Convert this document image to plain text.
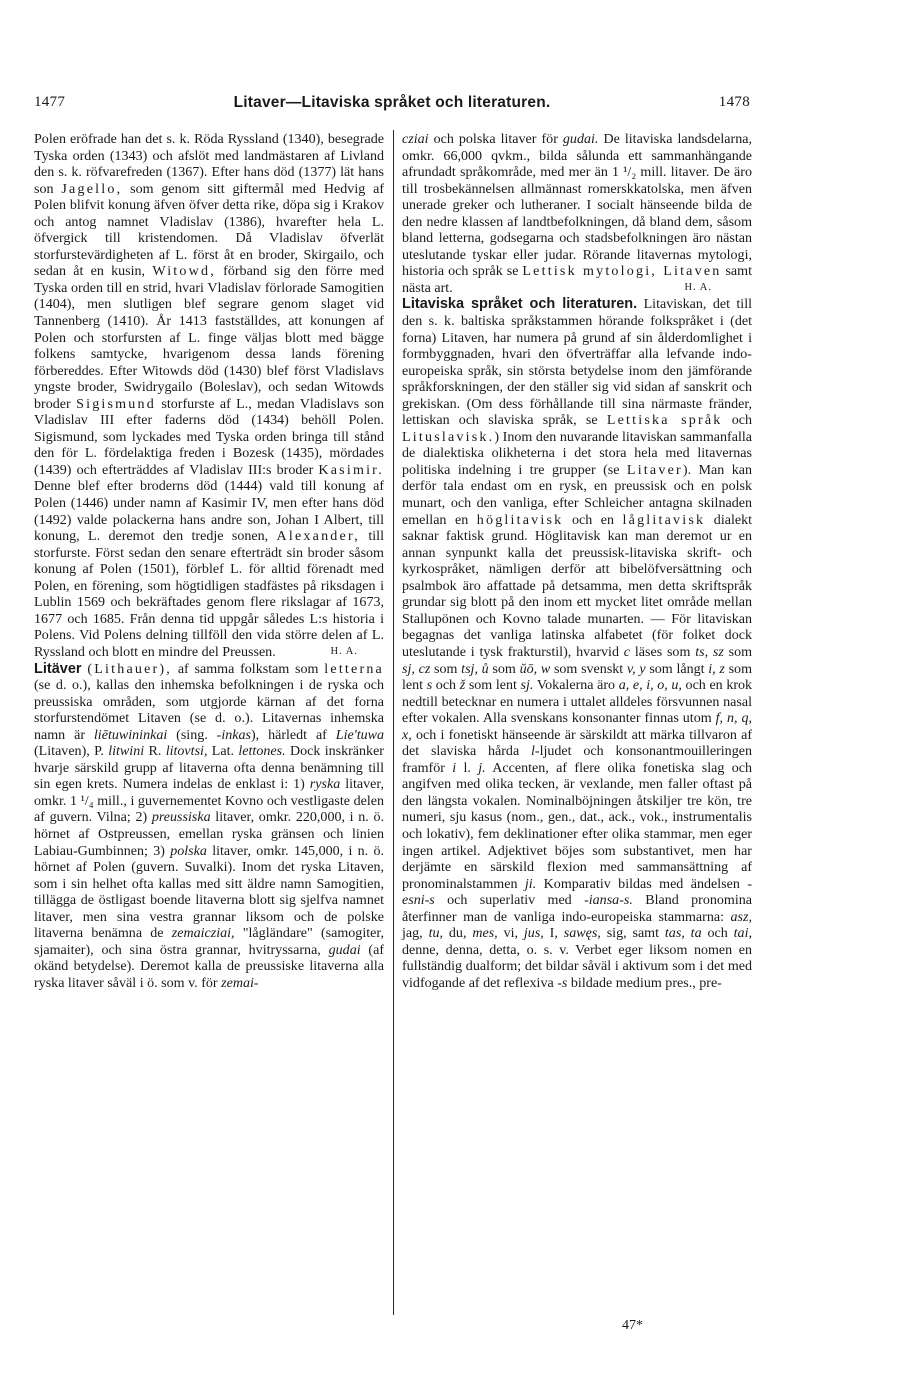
1477	Litaver—Litaviska språket och literaturen.	1478

Polen eröfrade han det s. k. Röda Ryssland (1340), besegrade Tyska orden (1343) och afslöt med landmästaren af Livland den s. k. röfvarefreden (1367). Efter hans död (1377) lät hans son Jagello, som genom sitt giftermål med Hedvig af Polen blifvit konung äfven öfver detta rike, döpa sig i Krakov och antog namnet Vladislav (1386), hvarefter hela L. öfvergick till kristendomen. Då Vladislav öfverlät storfurstevärdigheten af L. först åt en broder, Skirgailo, och sedan åt en kusin, Witowd, förband sig den förre med Tyska orden till en strid, hvari Vladislav förlorade Samogitien (1404), men slutligen blef segrare genom slaget vid Tannenberg (1410). År 1413 fastställdes, att konungen af Polen och storfursten af L. finge väljas blott med bägge folkens samtycke, hvarigenom dessa lands förening förbereddes. Efter Witowds död (1430) blef först Vladislavs yngste broder, Swidrygailo (Boleslav), och sedan Witowds broder Sigismund storfurste af L., medan Vladislavs son Vladislav III efter faderns död (1434) behöll Polen. Sigismund, som lyckades med Tyska orden bringa till stånd den för L. fördelaktiga freden i Bozesk (1435), mördades (1439) och efterträddes af Vladislav III:s broder Kasimir. Denne blef efter broderns död (1444) vald till konung af Polen (1446) under namn af Kasimir IV, men efter hans död (1492) valde polackerna hans andre son, Johan I Albert, till konung, L. deremot den tredje sonen, Alexander, till storfurste. Först sedan den senare efterträdt sin broder såsom konung af Polen (1501), förblef L. för alltid förenadt med Polen, en förening, som högtidligen stadfästes på riksdagen i Lublin 1569 och bekräftades genom flere rikslagar af 1673, 1677 och 1685. Från denna tid uppgår således L:s historia i Polens. Vid Polens delning tillföll den vida större delen af L. Ryssland och blott en mindre del Preussen.	H. A.

Litäver (Lithauer), af samma folkstam som letterna (se d. o.), kallas den inhemska befolkningen i de ryska och preussiska områden, som utgjorde kärnan af det forna storfurstendömet Litaven (se d. o.). Litavernas inhemska namn är liētuwininkai (sing. -inkas), härledt af Lie'tuwa (Litaven), P. litwini R. litovtsi, Lat. lettones. Dock inskränker hvarje särskild grupp af litaverna ofta denna benämning till sin egen krets. Numera indelas de enklast i: 1) ryska litaver, omkr. 1 ¹/₄ mill., i guvernementet Kovno och vestligaste delen af guvern. Vilna; 2) preussiska litaver, omkr. 220,000, i n. ö. hörnet af Ostpreussen, emellan ryska gränsen och linien Labiau-Gumbinnen; 3) polska litaver, omkr. 145,000, i n. ö. hörnet af Polen (guvern. Suvalki). Inom det ryska Litaven, som i sin helhet ofta kallas med sitt äldre namn Samogitien, tillägga de östligast boende litaverna blott sig sjelfva namnet litaver, men sina vestra grannar liksom och de polske litaverna benämna de zemaicziai, "lågländare" (samogiter, sjamaiter), och sina östra grannar, hvitryssarna, gudai (af okänd betydelse). Deremot kalla de preussiske litaverna alla ryska litaver såväl i ö. som v. för zemai-

cziai och polska litaver för gudai. De litaviska landsdelarna, omkr. 66,000 qvkm., bilda sålunda ett sammanhängande afrundadt språkområde, med mer än 1 ¹/₂ mill. litaver. De äro till trosbekännelsen allmännast romerskkatolska, men äfven unerade greker och lutheraner. I socialt hänseende bilda de den nedre klassen af landtbefolkningen, då bland dem, såsom bland letterna, godsegarna och stadsbefolkningen äro nästan uteslutande tyskar eller judar. Rörande litavernas mytologi, historia och språk se Lettisk mytologi, Litaven samt nästa art.	H. A.

Litaviska språket och literaturen. Litaviskan, det till den s. k. baltiska språkstammen hörande folkspråket i (det forna) Litaven, har numera på grund af sin ålderdomlighet i formbyggnaden, hvari den öfverträffar alla lefvande indo-europeiska språk, sin största betydelse inom den jämförande språkforskningen, der den ställer sig vid sidan af sanskrit och grekiskan. (Om dess förhållande till sina närmaste fränder, lettiskan och slaviska språk, se Lettiska språk och Lituslavisk.) Inom den nuvarande litaviskan sammanfalla de dialektiska olikheterna i det stora hela med litavernas politiska indelning i tre grupper (se Litaver). Man kan derför tala endast om en rysk, en preussisk och en polsk munart, och den vanliga, efter Schleicher antagna skilnaden emellan en höglitavisk och en låglitavisk dialekt saknar faktisk grund. Höglitavisk kan man deremot ur en annan synpunkt kalla det preussisk-litaviska skrift- och kyrkospråket, nämligen derför att bibelöfversättning och psalmbok äro affattade på detsamma, men detta skriftspråk grundar sig blott på den inom ett mycket litet område mellan Stallupönen och Kovno talade munarten. — För litaviskan begagnas det vanliga latinska alfabetet (för folket dock uteslutande i tysk frakturstil), hvarvid c läses som ts, sz som sj, cz som tsj, ů som ŭō, w som svenskt v, y som långt i, z som lent s och ž som lent sj. Vokalerna äro a, e, i, o, u, och en krok nedtill betecknar en numera i uttalet alldeles försvunnen nasal efter vokalen. Alla svenskans konsonanter finnas utom f, n, q, x, och i fonetiskt hänseende är särskildt att märka tillvaron af det slaviska hårda l-ljudet och konsonantmouilleringen framför i l. j. Accenten, af flere olika fonetiska slag och angifven med olika tecken, är vexlande, men faller oftast på den längsta vokalen. Nominalböjningen åtskiljer tre kön, tre numeri, sju kasus (nom., gen., dat., ack., vok., instrumentalis och lokativ), fem deklinationer efter olika stammar, men eger ingen artikel. Adjektivet böjes som substantivet, men har derjämte en särskild flexion med sammansättning af pronominalstammen ji. Komparativ bildas med ändelsen -esni-s och superlativ med -iansa-s. Bland pronomina återfinner man de vanliga indo-europeiska stammarna: asz, jag, tu, du, mes, vi, jus, I, sawęs, sig, samt tas, ta och tai, denne, denna, detta, o. s. v. Verbet eger liksom nomen en fullständig dualform; det bildar såväl i aktivum som i det med vidfogande af det reflexiva -s bildade medium pres., pre-

47*
